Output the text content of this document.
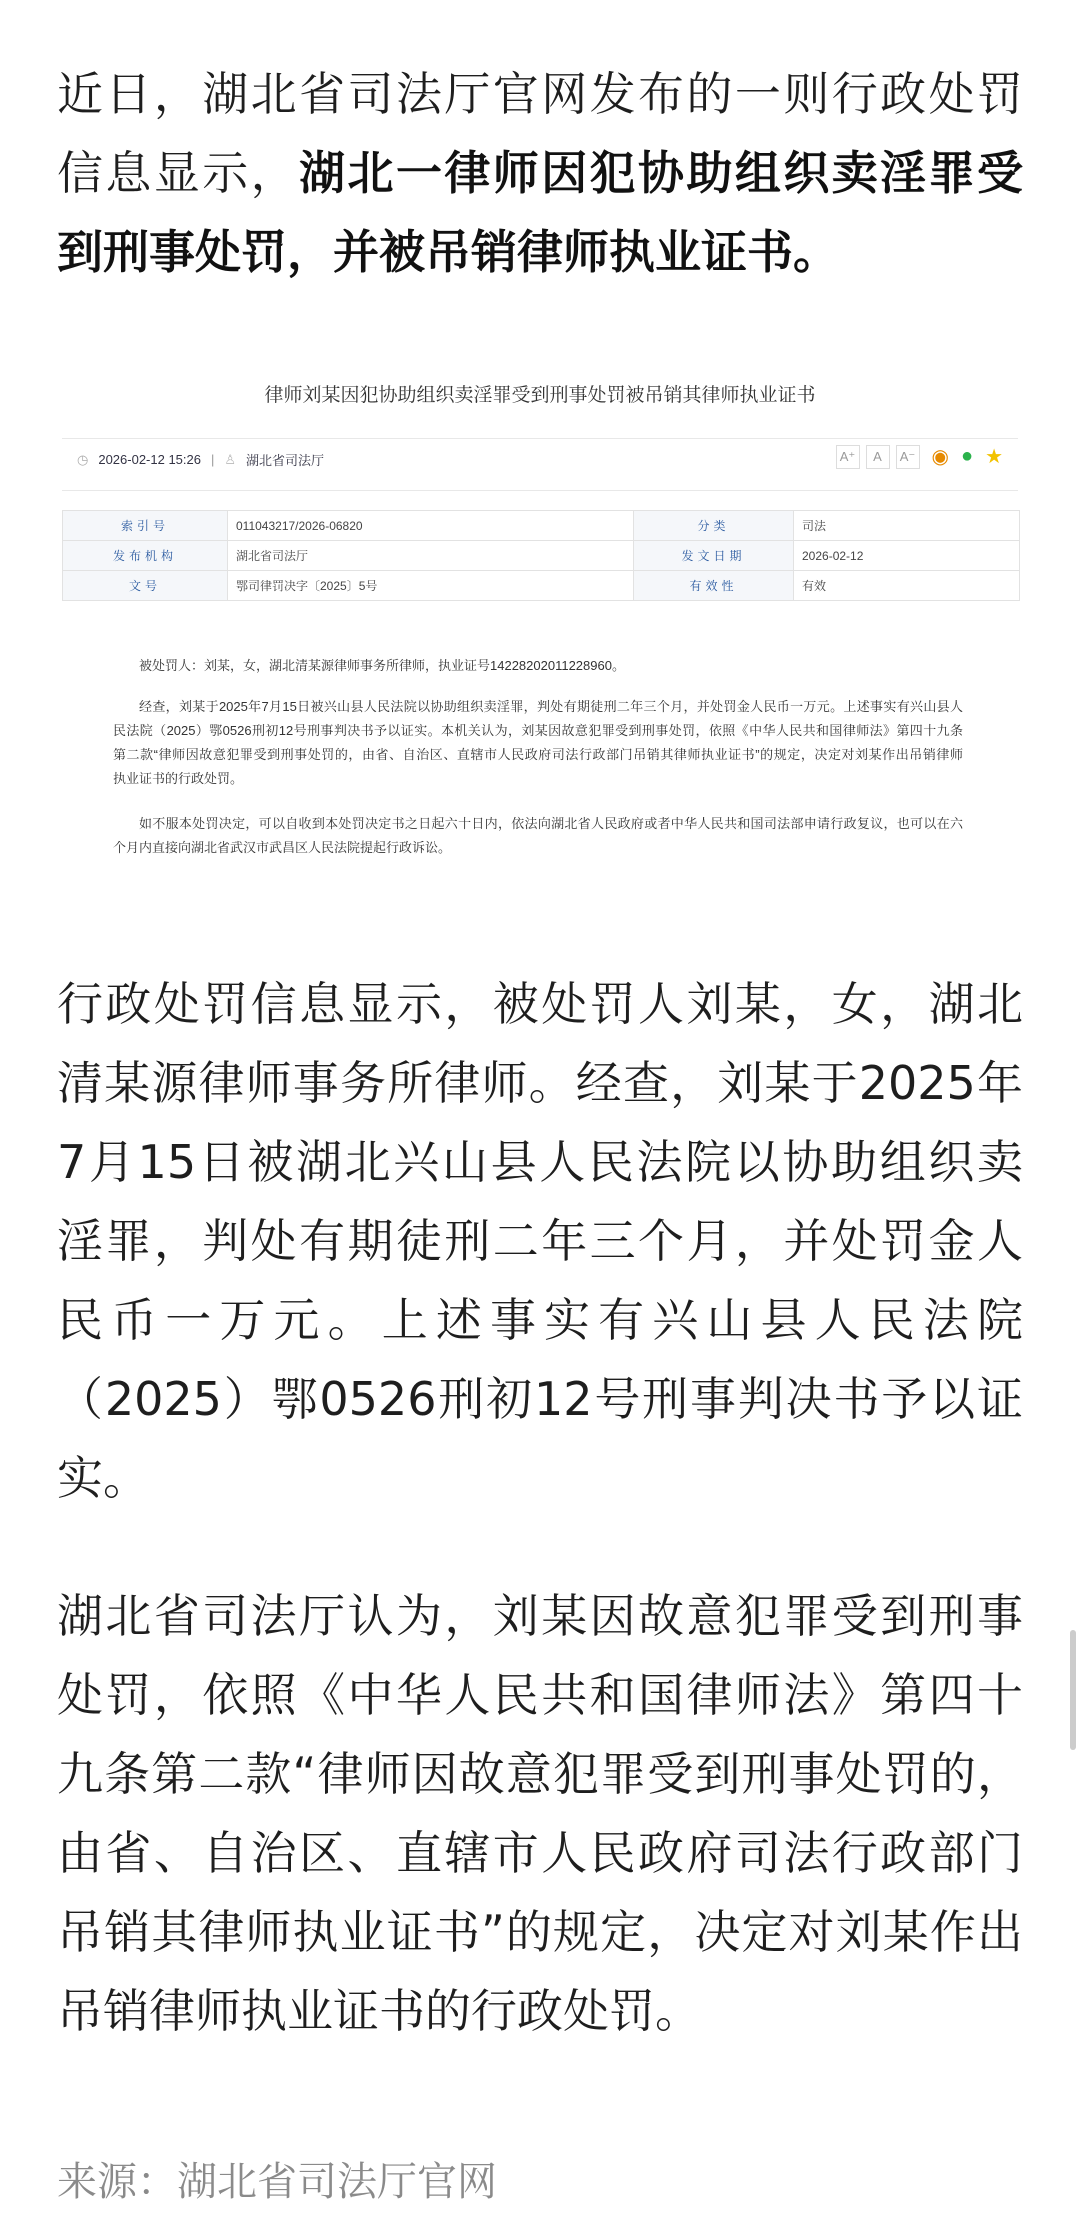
近日，湖北省司法厅官网发布的一则行政处罚
信息显示，湖北一律师因犯协助组织卖淫罪受
到刑事处罚，并被吊销律师执业证书。
律师刘某因犯协助组织卖淫罪受到刑事处罚被吊销其律师执业证书
◷ 2026-02-12 15:26 | ♙ 湖北省司法厅	A⁺	A	A⁻ ◉ ● ★
索引号	011043217/2026-06820	分类	司法
发布机构	湖北省司法厅	发文日期	2026-02-12
文号	鄂司律罚决字〔2025〕5号	有效性	有效
被处罚人：刘某，女，湖北清某源律师事务所律师，执业证号14228202011228960。
经查，刘某于2025年7月15日被兴山县人民法院以协助组织卖淫罪，判处有期徒刑二年三个月，并处罚金人民币一万元。上述事实有兴山县人
民法院（2025）鄂0526刑初12号刑事判决书予以证实。本机关认为，刘某因故意犯罪受到刑事处罚，依照《中华人民共和国律师法》第四十九条
第二款“律师因故意犯罪受到刑事处罚的，由省、自治区、直辖市人民政府司法行政部门吊销其律师执业证书”的规定，决定对刘某作出吊销律师
执业证书的行政处罚。
如不服本处罚决定，可以自收到本处罚决定书之日起六十日内，依法向湖北省人民政府或者中华人民共和国司法部申请行政复议，也可以在六
个月内直接向湖北省武汉市武昌区人民法院提起行政诉讼。
行政处罚信息显示，被处罚人刘某，女，湖北
清某源律师事务所律师。经查，刘某于2025年
7月15日被湖北兴山县人民法院以协助组织卖
淫罪，判处有期徒刑二年三个月，并处罚金人
民币一万元。上述事实有兴山县人民法院
（2025）鄂0526刑初12号刑事判决书予以证
实。
湖北省司法厅认为，刘某因故意犯罪受到刑事
处罚，依照《中华人民共和国律师法》第四十
九条第二款“律师因故意犯罪受到刑事处罚的，
由省、自治区、直辖市人民政府司法行政部门
吊销其律师执业证书”的规定，决定对刘某作出
吊销律师执业证书的行政处罚。
来源：湖北省司法厅官网
